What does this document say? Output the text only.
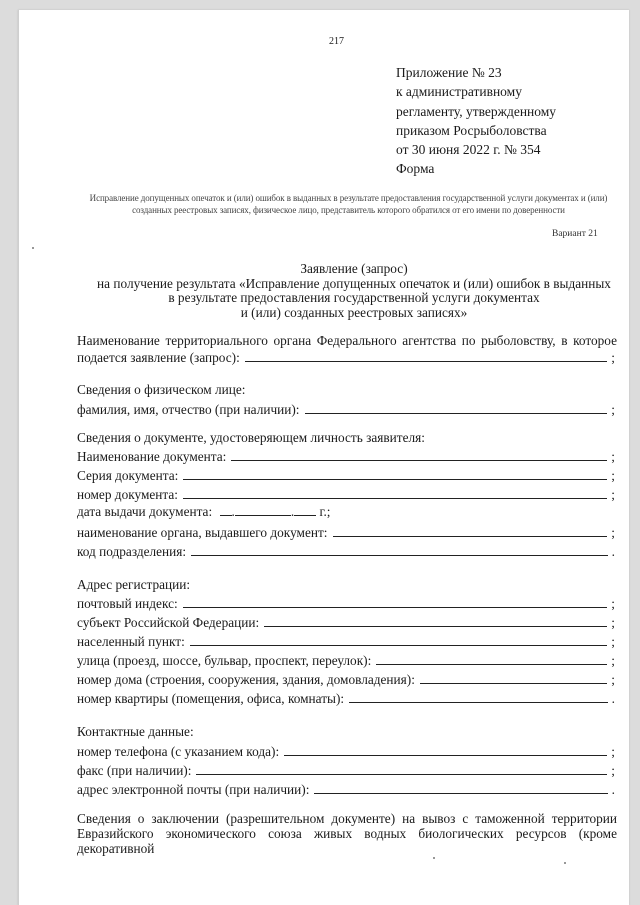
217
Приложение № 23
к административному
регламенту, утвержденному
приказом Росрыболовства
от 30 июня 2022 г. № 354
Форма
Исправление допущенных опечаток и (или) ошибок в выданных в результате предоставления государственной услуги документах и (или) созданных реестровых записях, физическое лицо, представитель которого обратился от его имени по доверенности
Вариант 21
Заявление (запрос)
на получение результата «Исправление допущенных опечаток и (или) ошибок в выданных
в результате предоставления государственной услуги документах
и (или) созданных реестровых записях»
Наименование территориального органа Федерального агентства по рыболовству, в которое
подается заявление (запрос):	;
Сведения о физическом лице:
фамилия, имя, отчество (при наличии):	;
Сведения о документе, удостоверяющем личность заявителя:
Наименование документа:	;
Серия документа:	;
номер документа:	;
дата выдачи документа: .	. г.;
наименование органа, выдавшего документ:	;
код подразделения:	.
Адрес регистрации:
почтовый индекс:	;
субъект Российской Федерации:	;
населенный пункт:	;
улица (проезд, шоссе, бульвар, проспект, переулок):	;
номер дома (строения, сооружения, здания, домовладения):	;
номер квартиры (помещения, офиса, комнаты):	.
Контактные данные:
номер телефона (с указанием кода):	;
факс (при наличии):	;
адрес электронной почты (при наличии):	.
Сведения о заключении (разрешительном документе) на вывоз с таможенной территории
Евразийского экономического союза живых водных биологических ресурсов (кроме декоративной
